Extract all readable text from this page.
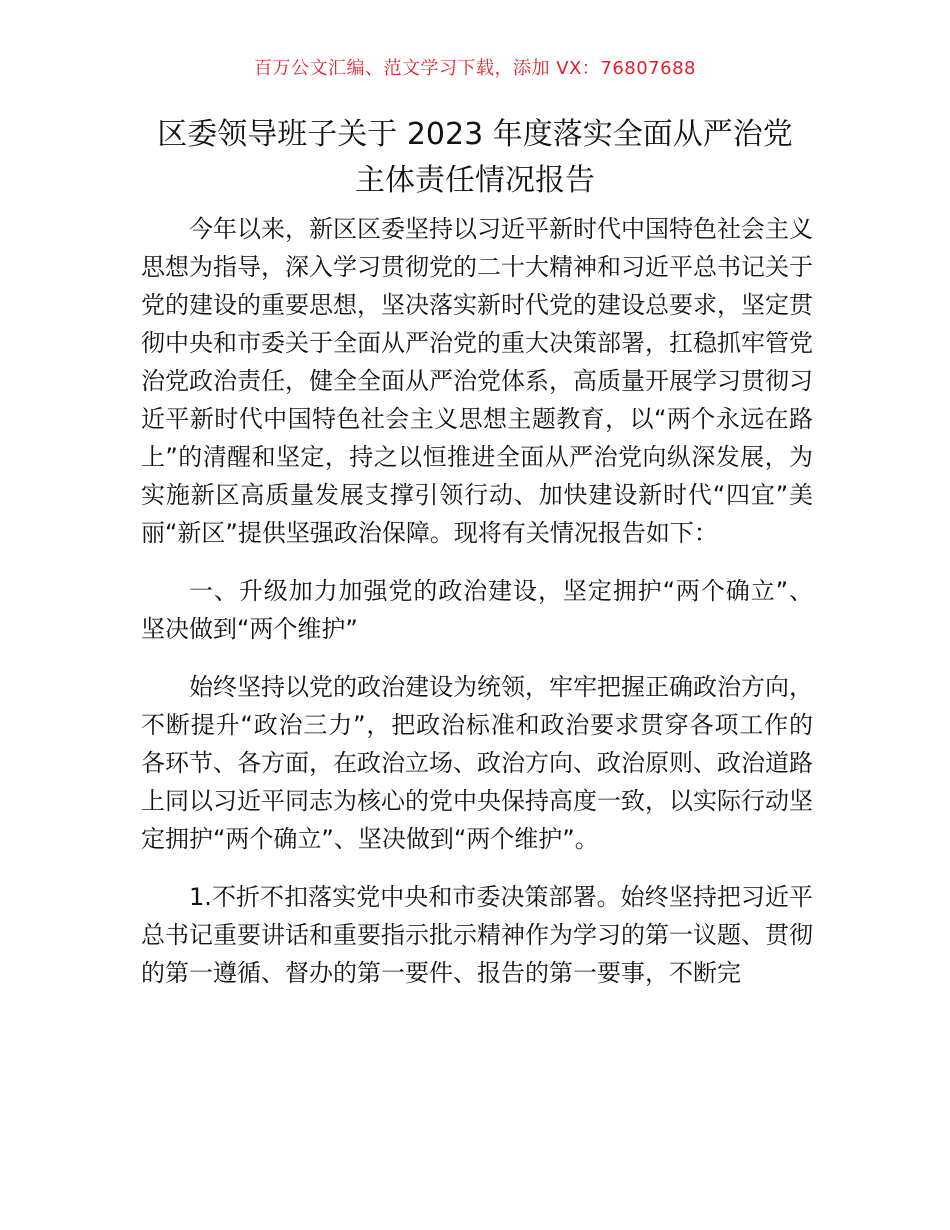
百万公文汇编、范文学习下载，添加 VX：76807688
区委领导班子关于 2023 年度落实全面从严治党
主体责任情况报告

今年以来，新区区委坚持以习近平新时代中国特色社会主义思想为指导，深入学习贯彻党的二十大精神和习近平总书记关于党的建设的重要思想，坚决落实新时代党的建设总要求，坚定贯彻中央和市委关于全面从严治党的重大决策部署，扛稳抓牢管党治党政治责任，健全全面从严治党体系，高质量开展学习贯彻习近平新时代中国特色社会主义思想主题教育，以“两个永远在路上”的清醒和坚定，持之以恒推进全面从严治党向纵深发展，为实施新区高质量发展支撑引领行动、加快建设新时代“四宜”美丽“新区”提供坚强政治保障。现将有关情况报告如下：

一、升级加力加强党的政治建设，坚定拥护“两个确立”、坚决做到“两个维护”

始终坚持以党的政治建设为统领，牢牢把握正确政治方向，不断提升“政治三力”，把政治标准和政治要求贯穿各项工作的各环节、各方面，在政治立场、政治方向、政治原则、政治道路上同以习近平同志为核心的党中央保持高度一致，以实际行动坚定拥护“两个确立”、坚决做到“两个维护”。

1.不折不扣落实党中央和市委决策部署。始终坚持把习近平总书记重要讲话和重要指示批示精神作为学习的第一议题、贯彻的第一遵循、督办的第一要件、报告的第一要事，不断完
